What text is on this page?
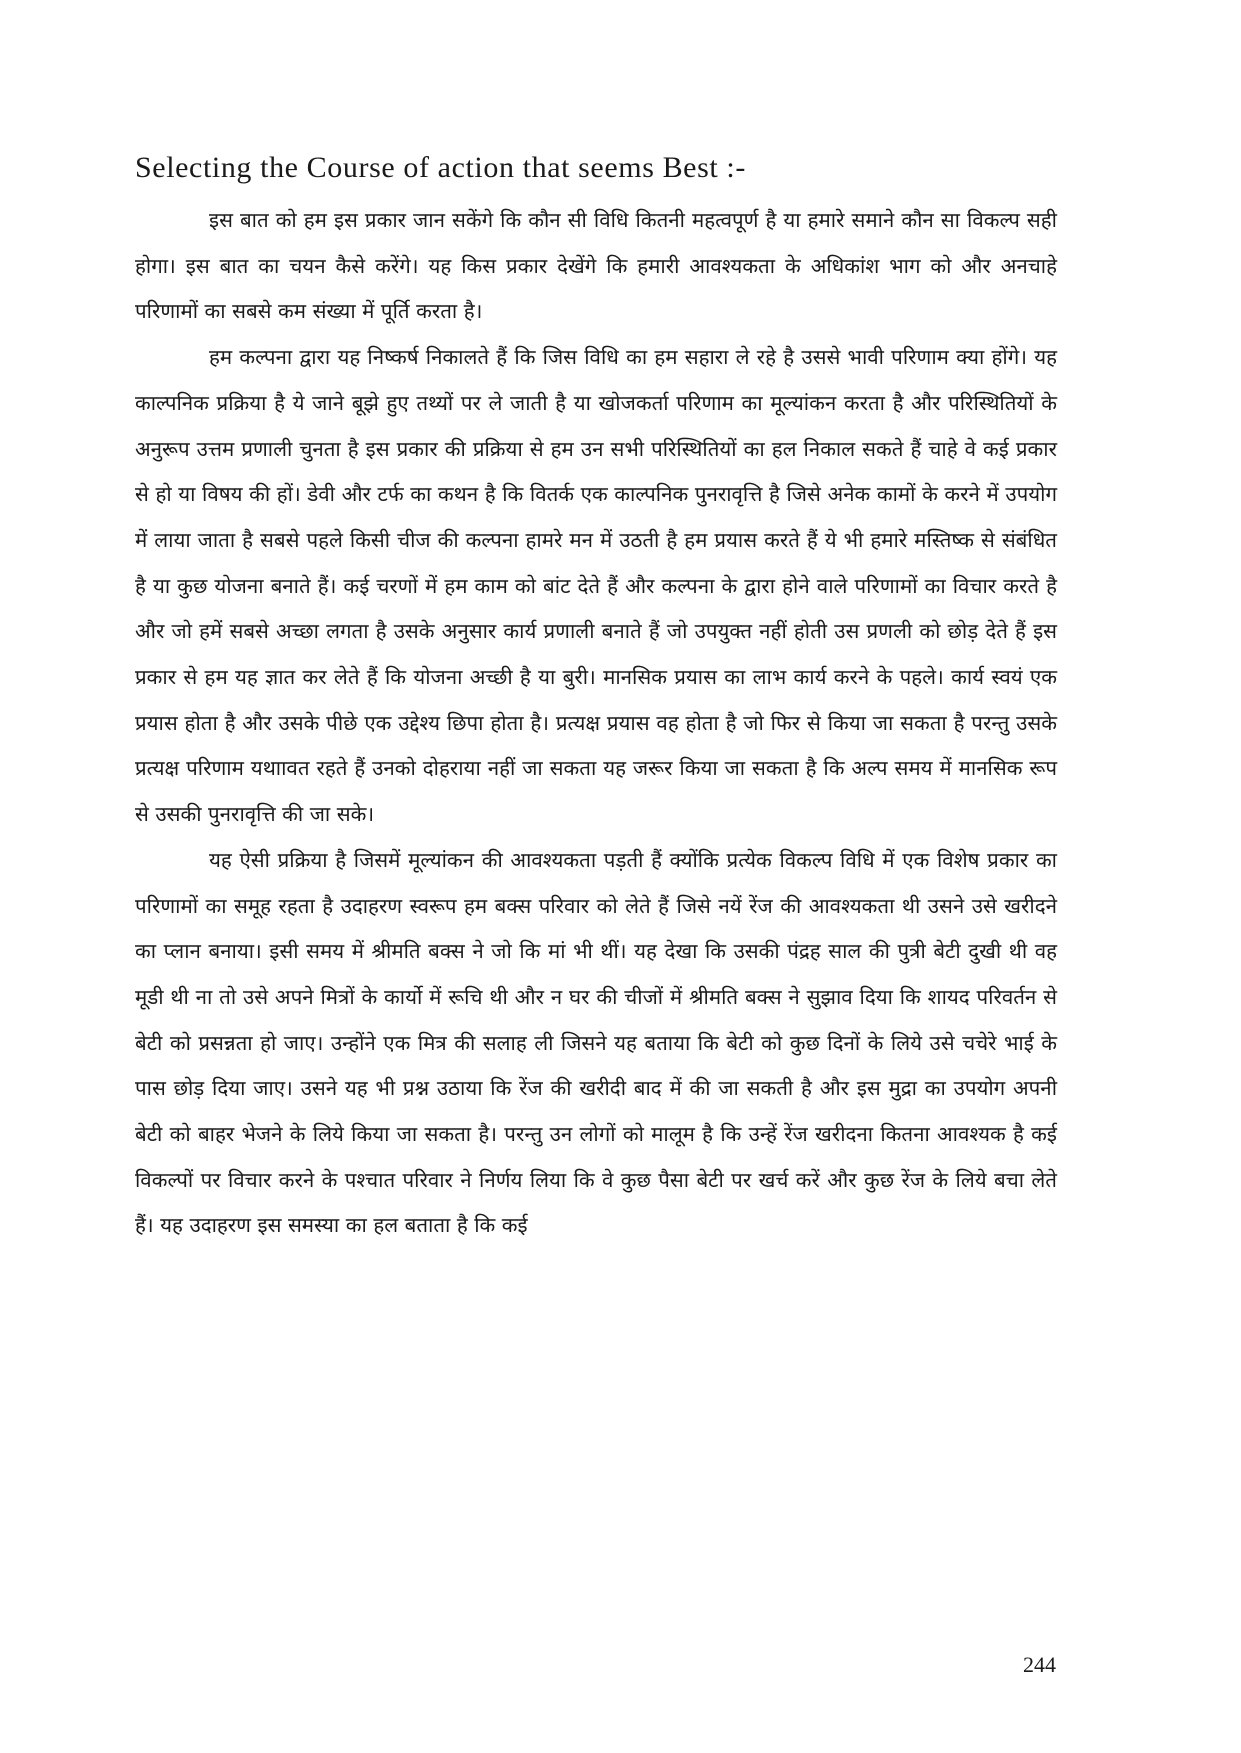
Selecting the Course of action that seems Best :-

इस बात को हम इस प्रकार जान सकेंगे कि कौन सी विधि कितनी महत्वपूर्ण है या हमारे समाने कौन सा विकल्प सही होगा। इस बात का चयन कैसे करेंगे। यह किस प्रकार देखेंगे कि हमारी आवश्यकता के अधिकांश भाग को और अनचाहे परिणामों का सबसे कम संख्या में पूर्ति करता है।

हम कल्पना द्वारा यह निष्कर्ष निकालते हैं कि जिस विधि का हम सहारा ले रहे है उससे भावी परिणाम क्या होंगे। यह काल्पनिक प्रक्रिया है ये जाने बूझे हुए तथ्यों पर ले जाती है या खोजकर्ता परिणाम का मूल्यांकन करता है और परिस्थितियों के अनुरूप उत्तम प्रणाली चुनता है इस प्रकार की प्रक्रिया से हम उन सभी परिस्थितियों का हल निकाल सकते हैं चाहे वे कई प्रकार से हो या विषय की हों। डेवी और टर्फ का कथन है कि वितर्क एक काल्पनिक पुनरावृत्ति है जिसे अनेक कामों के करने में उपयोग में लाया जाता है सबसे पहले किसी चीज की कल्पना हामरे मन में उठती है हम प्रयास करते हैं ये भी हमारे मस्तिष्क से संबंधित है या कुछ योजना बनाते हैं। कई चरणों में हम काम को बांट देते हैं और कल्पना के द्वारा होने वाले परिणामों का विचार करते है और जो हमें सबसे अच्छा लगता है उसके अनुसार कार्य प्रणाली बनाते हैं जो उपयुक्त नहीं होती उस प्रणली को छोड़ देते हैं इस प्रकार से हम यह ज्ञात कर लेते हैं कि योजना अच्छी है या बुरी। मानसिक प्रयास का लाभ कार्य करने के पहले। कार्य स्वयं एक प्रयास होता है और उसके पीछे एक उद्देश्य छिपा होता है। प्रत्यक्ष प्रयास वह होता है जो फिर से किया जा सकता है परन्तु उसके प्रत्यक्ष परिणाम यथाावत रहते हैं उनको दोहराया नहीं जा सकता यह जरूर किया जा सकता है कि अल्प समय में मानसिक रूप से उसकी पुनरावृत्ति की जा सके।

यह ऐसी प्रक्रिया है जिसमें मूल्यांकन की आवश्यकता पड़ती हैं क्योंकि प्रत्येक विकल्प विधि में एक विशेष प्रकार का परिणामों का समूह रहता है उदाहरण स्वरूप हम बक्स परिवार को लेते हैं जिसे नयें रेंज की आवश्यकता थी उसने उसे खरीदने का प्लान बनाया। इसी समय में श्रीमति बक्स ने जो कि मां भी थीं। यह देखा कि उसकी पंद्रह साल की पुत्री बेटी दुखी थी वह मूडी थी ना तो उसे अपने मित्रों के कार्यो में रूचि थी और न घर की चीजों में श्रीमति बक्स ने सुझाव दिया कि शायद परिवर्तन से बेटी को प्रसन्नता हो जाए। उन्होंने एक मित्र की सलाह ली जिसने यह बताया कि बेटी को कुछ दिनों के लिये उसे चचेरे भाई के पास छोड़ दिया जाए। उसने यह भी प्रश्न उठाया कि रेंज की खरीदी बाद में की जा सकती है और इस मुद्रा का उपयोग अपनी बेटी को बाहर भेजने के लिये किया जा सकता है। परन्तु उन लोगों को मालूम है कि उन्हें रेंज खरीदना कितना आवश्यक है कई विकल्पों पर विचार करने के पश्चात परिवार ने निर्णय लिया कि वे कुछ पैसा बेटी पर खर्च करें और कुछ रेंज के लिये बचा लेते हैं। यह उदाहरण इस समस्या का हल बताता है कि कई

244
